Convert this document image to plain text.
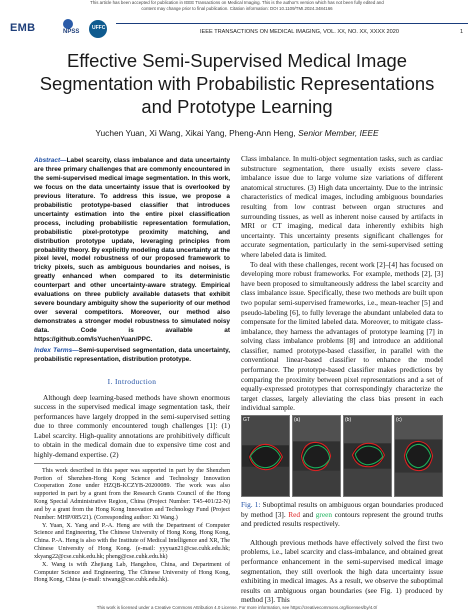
This article has been accepted for publication in IEEE Transactions on Medical Imaging. This is the author's version which has not been fully edited and
content may change prior to final publication. Citation information: DOI 10.1109/TMI.2024.3484166
EMB	NPSS
UFFC
IEEE TRANSACTIONS ON MEDICAL IMAGING, VOL. XX, NO. XX, XXXX 2020	1
Effective Semi-Supervised Medical Image
Segmentation with Probabilistic Representations
and Prototype Learning
Yuchen Yuan, Xi Wang, Xikai Yang, Pheng-Ann Heng, Senior Member, IEEE
Abstract—Label scarcity, class imbalance and data uncertainty are three primary challenges that are commonly encountered in the semi-supervised medical image segmentation. In this work, we focus on the data uncertainty issue that is overlooked by previous literature. To address this issue, we propose a probabilistic prototype-based classifier that introduces uncertainty estimation into the entire pixel classification process, including probabilistic representation formulation, probabilistic pixel-prototype proximity matching, and distribution prototype update, leveraging principles from probability theory. By explicitly modeling data uncertainty at the pixel level, model robustness of our proposed framework to tricky pixels, such as ambiguous boundaries and noises, is greatly enhanced when compared to its deterministic counterpart and other uncertainty-aware strategy. Empirical evaluations on three publicly available datasets that exhibit severe boundary ambiguity show the superiority of our method over several competitors. Moreover, our method also demonstrates a stronger model robustness to simulated noisy data. Code is available at https://github.com/IsYuchenYuan/PPC.
Index Terms—Semi-supervised segmentation, data uncertainty, probabilistic representation, distribution prototype.
I. Introduction

Although deep learning-based methods have shown enormous success in the supervised medical image segmentation task, their performances have largely dropped in the semi-supervised setting due to three commonly encountered tough challenges [1]: (1) Label scarcity. High-quality annotations are prohibitively difficult to obtain in the medical domain due to expensive time cost and highly-demand expertise. (2)

This work described in this paper was supported in part by the Shenzhen Portion of Shenzhen-Hong Kong Science and Technology Innovation Cooperation Zone under HZQB-KCZYB-20200089. The work was also supported in part by a grant from the Research Grants Council of the Hong Kong Special Administrative Region, China (Project Number: T45-401/22-N) and by a grant from the Hong Kong Innovation and Technology Fund (Project Number: MHP/085/21). (Corresponding author: Xi Wang.)

Y. Yuan, X. Yang and P.-A. Heng are with the Department of Computer Science and Engineering, The Chinese University of Hong Kong, Hong Kong, China. P.-A. Heng is also with the Institute of Medical Intelligence and XR, The Chinese University of Hong Kong. (e-mail: yyyuan21@cse.cuhk.edu.hk; xkyang22@cse.cuhk.edu.hk; pheng@cse.cuhk.edu.hk)

X. Wang is with Zhejiang Lab, Hangzhou, China, and Department of Computer Science and Engineering, The Chinese University of Hong Kong, Hong Kong, China (e-mail: xiwang@cse.cuhk.edu.hk).

Class imbalance. In multi-object segmentation tasks, such as cardiac substructure segmentation, there usually exists severe class-imbalance issue due to large volume size variations of different anatomical structures. (3) High data uncertainty. Due to the intrinsic characteristics of medical images, including ambiguous boundaries resulting from low contrast between organ structures and surrounding tissues, as well as inherent noise caused by artifacts in MRI or CT imaging, medical data inherently exhibits high uncertainty. This uncertainty presents significant challenges for accurate segmentation, particularly in the semi-supervised setting where labeled data is limited.

To deal with these challenges, recent work [2]–[4] has focused on developing more robust frameworks. For example, methods [2], [3] have been proposed to simultaneously address the label scarcity and class imbalance issue. Specifically, these two methods are built upon two popular semi-supervised frameworks, i.e., mean-teacher [5] and pseudo-labeling [6], to fully leverage the abundant unlabeled data to compensate for the limited labeled data. Moreover, to mitigate class-imbalance, they harness the advantages of prototype learning [7] in solving class imbalance problems [8] and introduce an additional classifier, named prototype-based classifier, in parallel with the conventional linear-based classifier to enhance the model performance. The prototype-based classifier makes predictions by comparing the proximity between pixel representations and a set of equally-expressed prototypes that correspondingly characterize the target classes, largely alleviating the class bias present in each individual sample.

GT	(a)	(b)	(c)
Fig. 1: Suboptimal results on ambiguous organ boundaries produced by method [3]. Red and green contours represent the ground truths and predicted results respectively.

Although previous methods have effectively solved the first two problems, i.e., label scarcity and class-imbalance, and obtained great performance enhancement in the semi-supervised medical image segmentation, they still overlook the high data uncertainty issue exhibiting in medical images. As a result, we observe the suboptimal results on ambiguous organ boundaries (see Fig. 1) produced by method [3]. This

This work is licensed under a Creative Commons Attribution 4.0 License. For more information, see https://creativecommons.org/licenses/by/4.0/
